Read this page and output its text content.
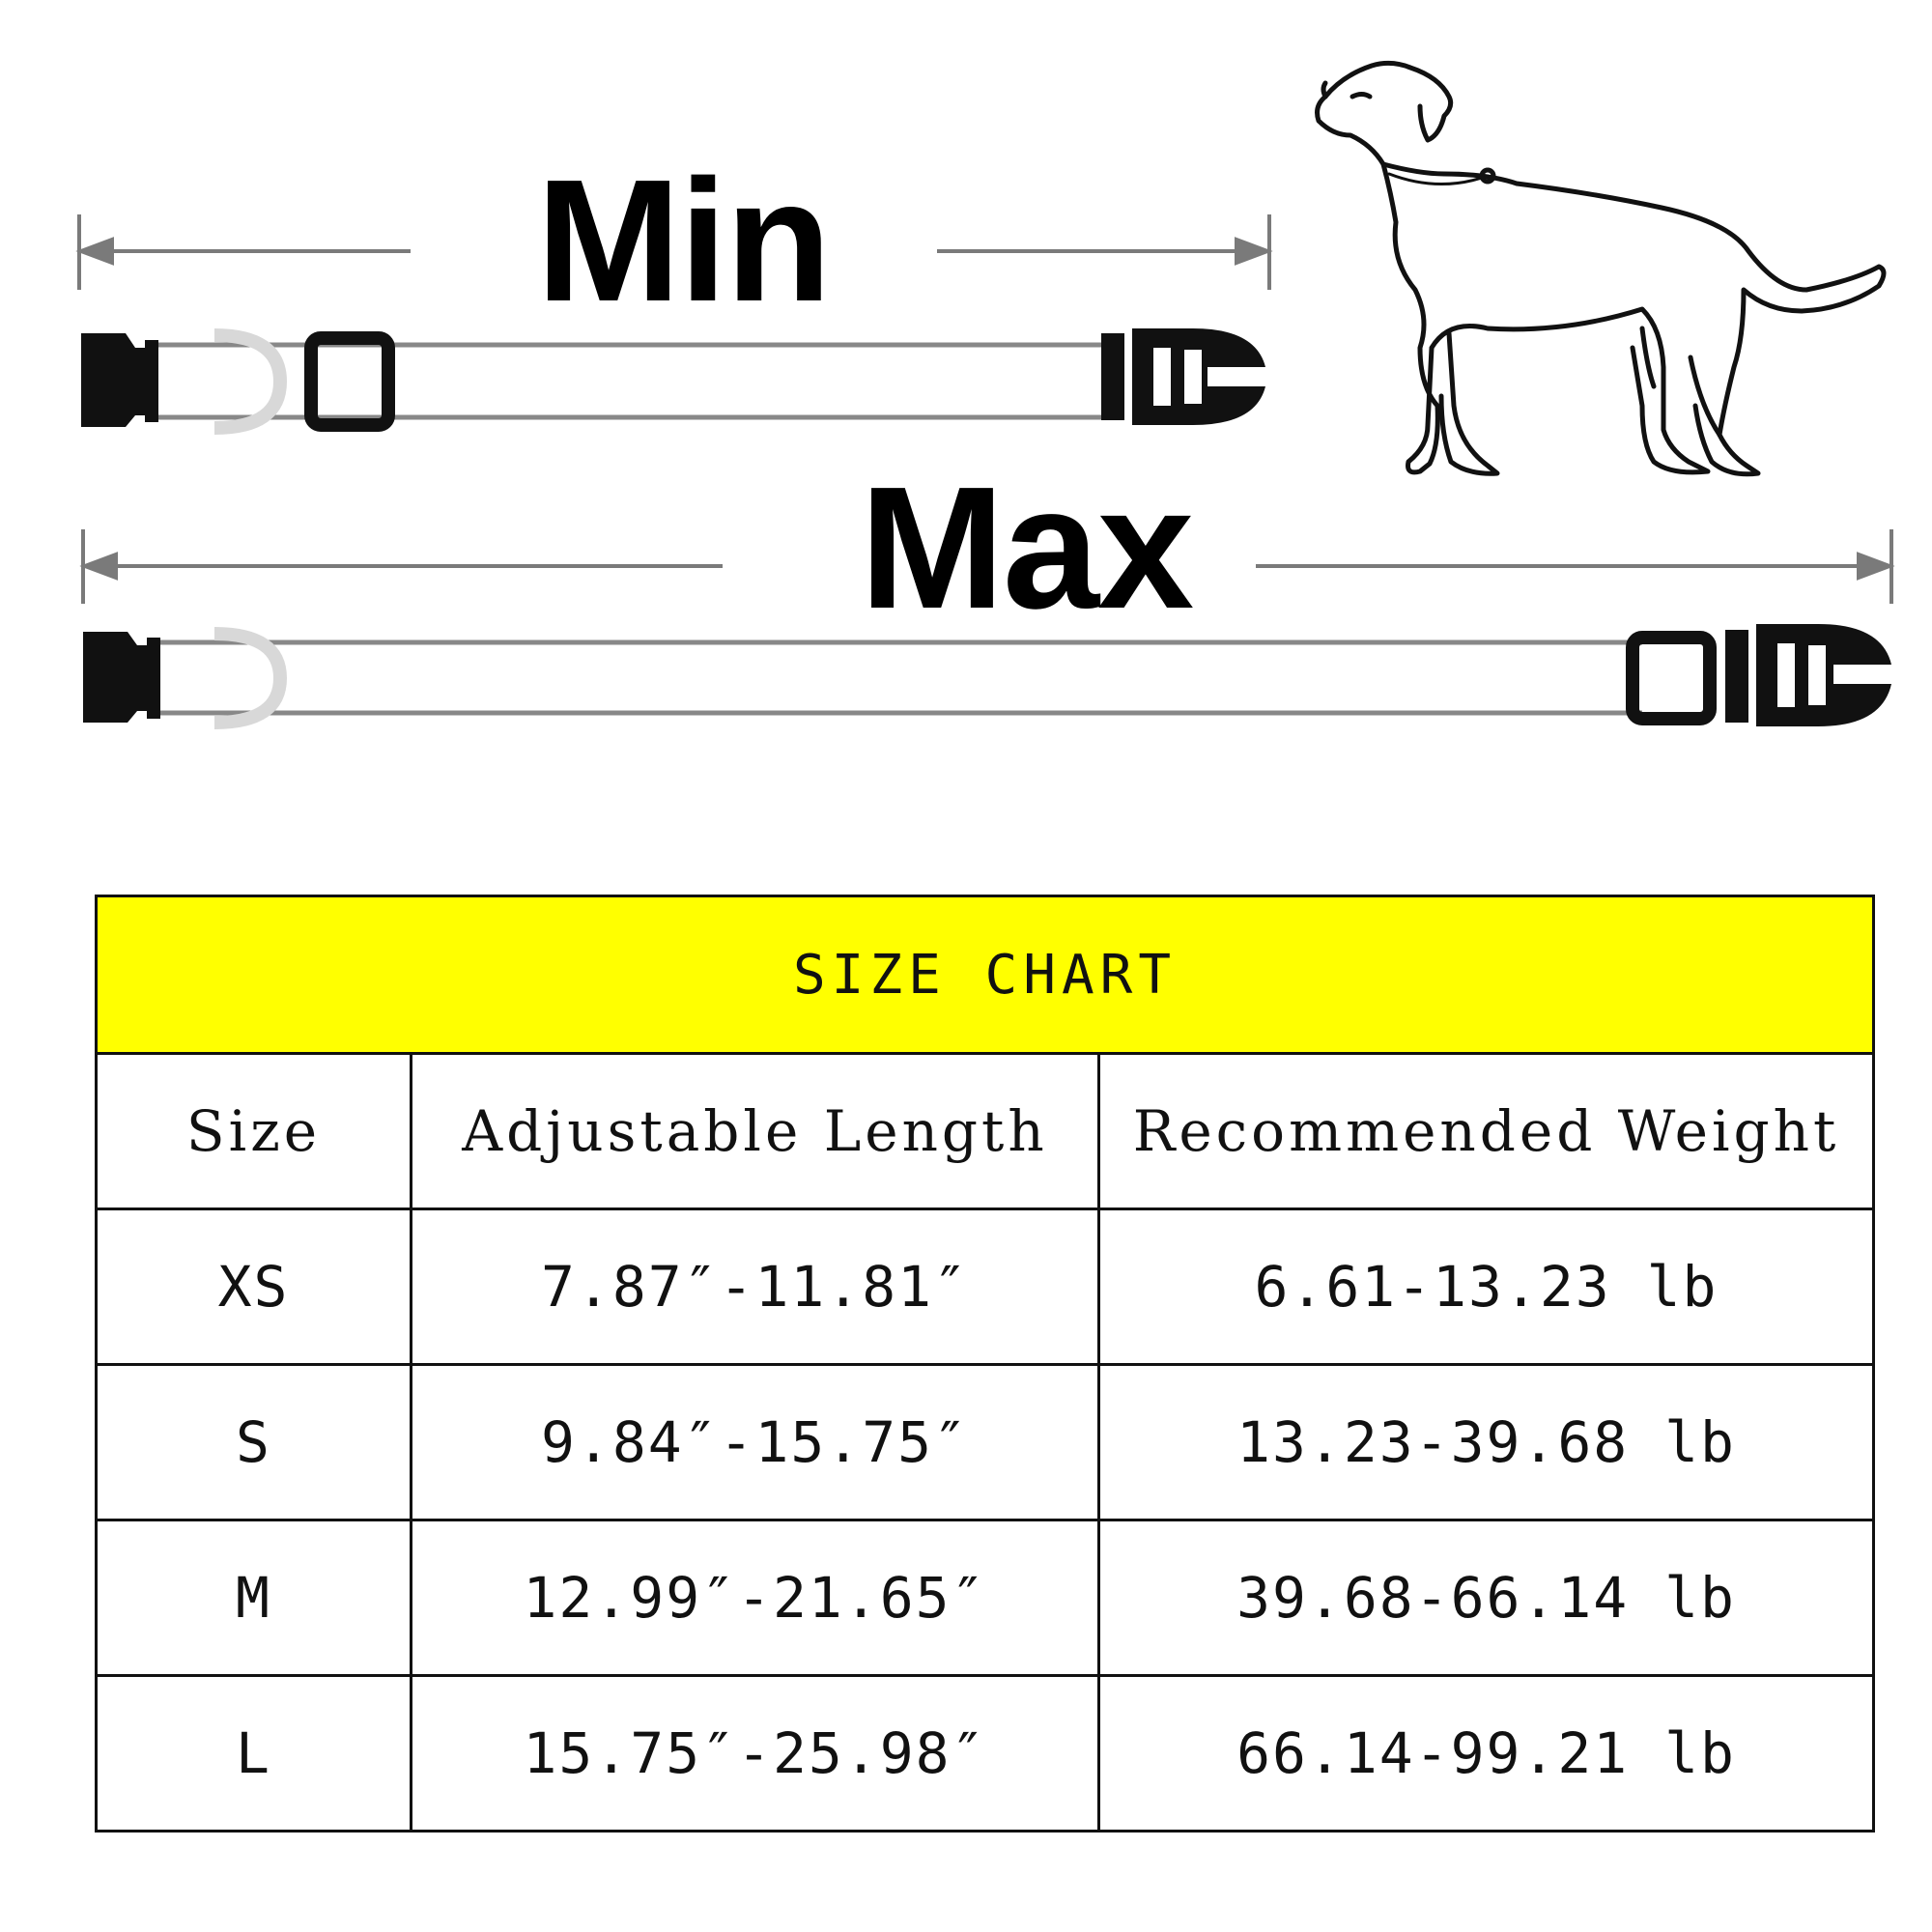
Min
Max
SIZE CHART		
Size	Adjustable Length	Recommended Weight
XS	7.87″-11.81″	6.61-13.23 lb
S	9.84″-15.75″	13.23-39.68 lb
M	12.99″-21.65″	39.68-66.14 lb
L	15.75″-25.98″	66.14-99.21 lb
